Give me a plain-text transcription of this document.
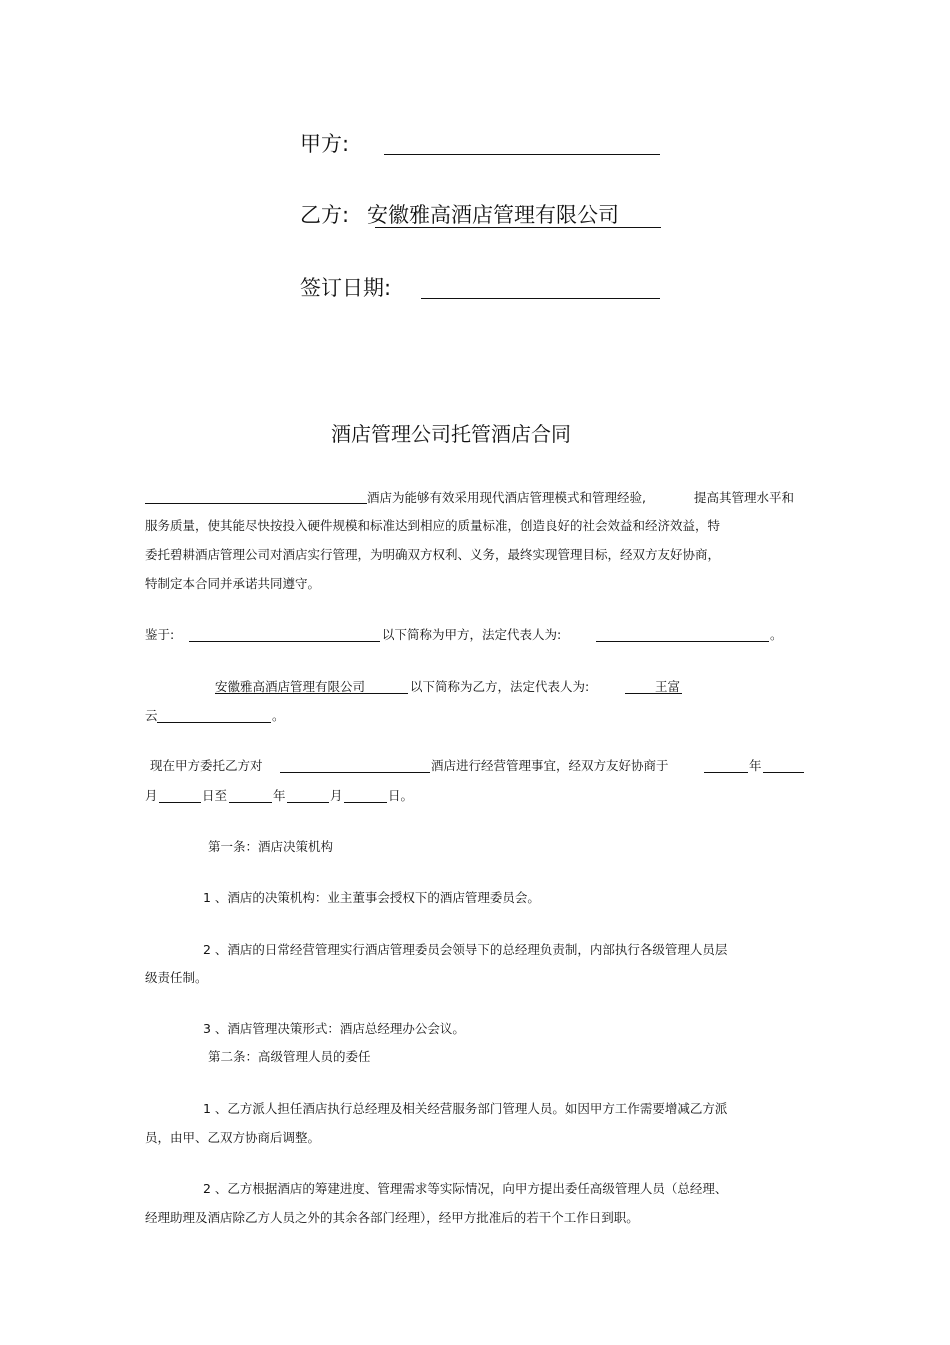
甲方:
乙方: 安徽雅高酒店管理有限公司
签订日期:
酒店管理公司托管酒店合同
酒店为能够有效采用现代酒店管理模式和管理经验,	提高其管理水平和
服务质量，使其能尽快按投入硬件规模和标准达到相应的质量标准，创造良好的社会效益和经济效益，特
委托碧耕酒店管理公司对酒店实行管理，为明确双方权利、义务，最终实现管理目标，经双方友好协商，
特制定本合同并承诺共同遵守。
鉴于:	以下简称为甲方，法定代表人为:	。
安徽雅高酒店管理有限公司	以下简称为乙方，法定代表人为:	王富
云	。
现在甲方委托乙方对	酒店进行经营管理事宜，经双方友好协商于	年
月	日至	年	月	日。
第一条：酒店决策机构
1 、酒店的决策机构：业主董事会授权下的酒店管理委员会。
2 、酒店的日常经营管理实行酒店管理委员会领导下的总经理负责制，内部执行各级管理人员层
级责任制。
3 、酒店管理决策形式：酒店总经理办公会议。
第二条：高级管理人员的委任
1 、乙方派人担任酒店执行总经理及相关经营服务部门管理人员。如因甲方工作需要增减乙方派
员，由甲、乙双方协商后调整。
2 、乙方根据酒店的筹建进度、管理需求等实际情况，向甲方提出委任高级管理人员（总经理、
经理助理及酒店除乙方人员之外的其余各部门经理），经甲方批准后的若干个工作日到职。
